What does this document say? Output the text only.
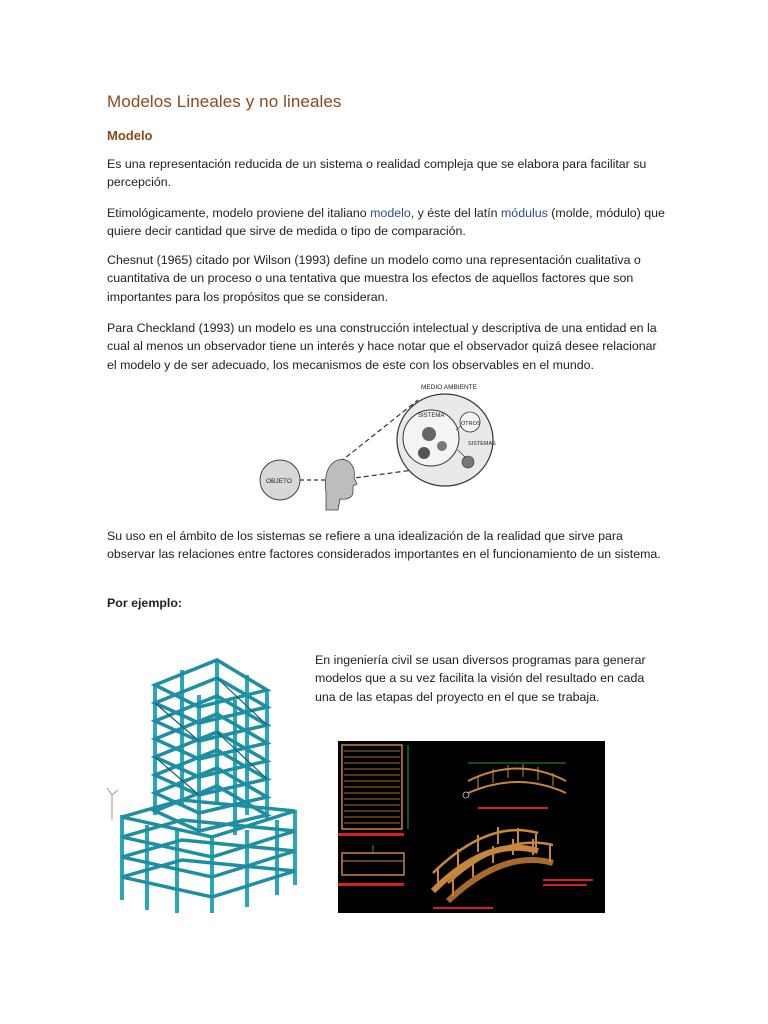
Modelos Lineales y no lineales
Modelo

Es una representación reducida de un sistema o realidad compleja que se elabora para facilitar su percepción.

Etimológicamente, modelo proviene del italiano modelo, y éste del latín módulus (molde, módulo) que quiere decir cantidad que sirve de medida o tipo de comparación.

Chesnut (1965) citado por Wilson (1993) define un modelo como una representación cualitativa o cuantitativa de un proceso o una tentativa que muestra los efectos de aquellos factores que son importantes para los propósitos que se consideran.

Para Checkland (1993) un modelo es una construcción intelectual y descriptiva de una entidad en la cual al menos un observador tiene un interés y hace notar que el observador quizá desee relacionar el modelo y de ser adecuado, los mecanismos de este con los observables en el mundo.

OBJETO
MEDIO AMBIENTE
SISTEMA
OTROS
SISTEMAS

Su uso en el ámbito de los sistemas se refiere a una idealización de la realidad que sirve para observar las relaciones entre factores considerados importantes en el funcionamiento de un sistema.

Por ejemplo:

En ingeniería civil se usan diversos programas para generar modelos que a su vez facilita la visión del resultado en cada una de las etapas del proyecto en el que se trabaja.
